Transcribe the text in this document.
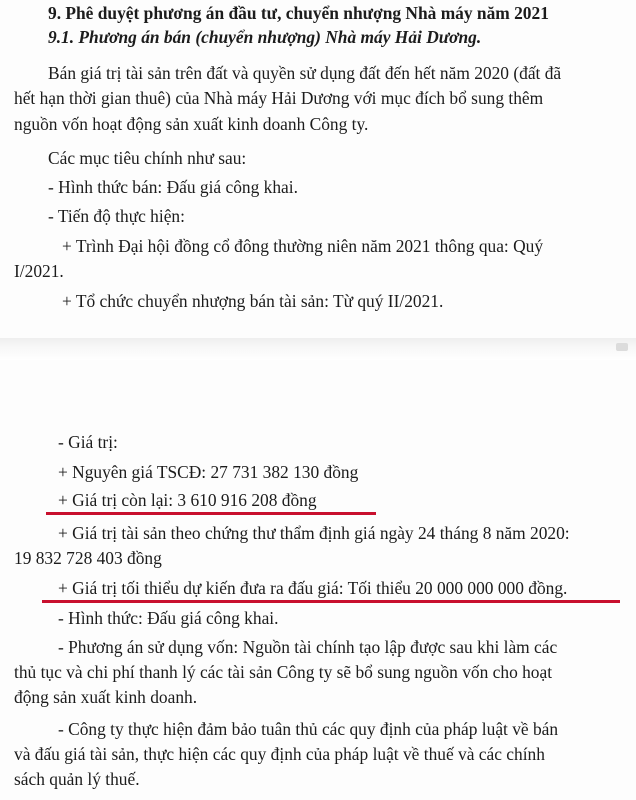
9. Phê duyệt phương án đầu tư, chuyển nhượng Nhà máy năm 2021
9.1. Phương án bán (chuyển nhượng) Nhà máy Hải Dương.
Bán giá trị tài sản trên đất và quyền sử dụng đất đến hết năm 2020 (đất đã
hết hạn thời gian thuê) của Nhà máy Hải Dương với mục đích bổ sung thêm
nguồn vốn hoạt động sản xuất kinh doanh Công ty.
Các mục tiêu chính như sau:
- Hình thức bán: Đấu giá công khai.
- Tiến độ thực hiện:
+ Trình Đại hội đồng cổ đông thường niên năm 2021 thông qua: Quý
I/2021.
+ Tổ chức chuyển nhượng bán tài sản: Từ quý II/2021.
- Giá trị:
+ Nguyên giá TSCĐ: 27 731 382 130 đồng
+ Giá trị còn lại: 3 610 916 208 đồng
+ Giá trị tài sản theo chứng thư thẩm định giá ngày 24 tháng 8 năm 2020:
19 832 728 403 đồng
+ Giá trị tối thiểu dự kiến đưa ra đấu giá: Tối thiểu 20 000 000 000 đồng.
- Hình thức: Đấu giá công khai.
- Phương án sử dụng vốn: Nguồn tài chính tạo lập được sau khi làm các
thủ tục và chi phí thanh lý các tài sản Công ty sẽ bổ sung nguồn vốn cho hoạt
động sản xuất kinh doanh.
- Công ty thực hiện đảm bảo tuân thủ các quy định của pháp luật về bán
và đấu giá tài sản, thực hiện các quy định của pháp luật về thuế và các chính
sách quản lý thuế.
